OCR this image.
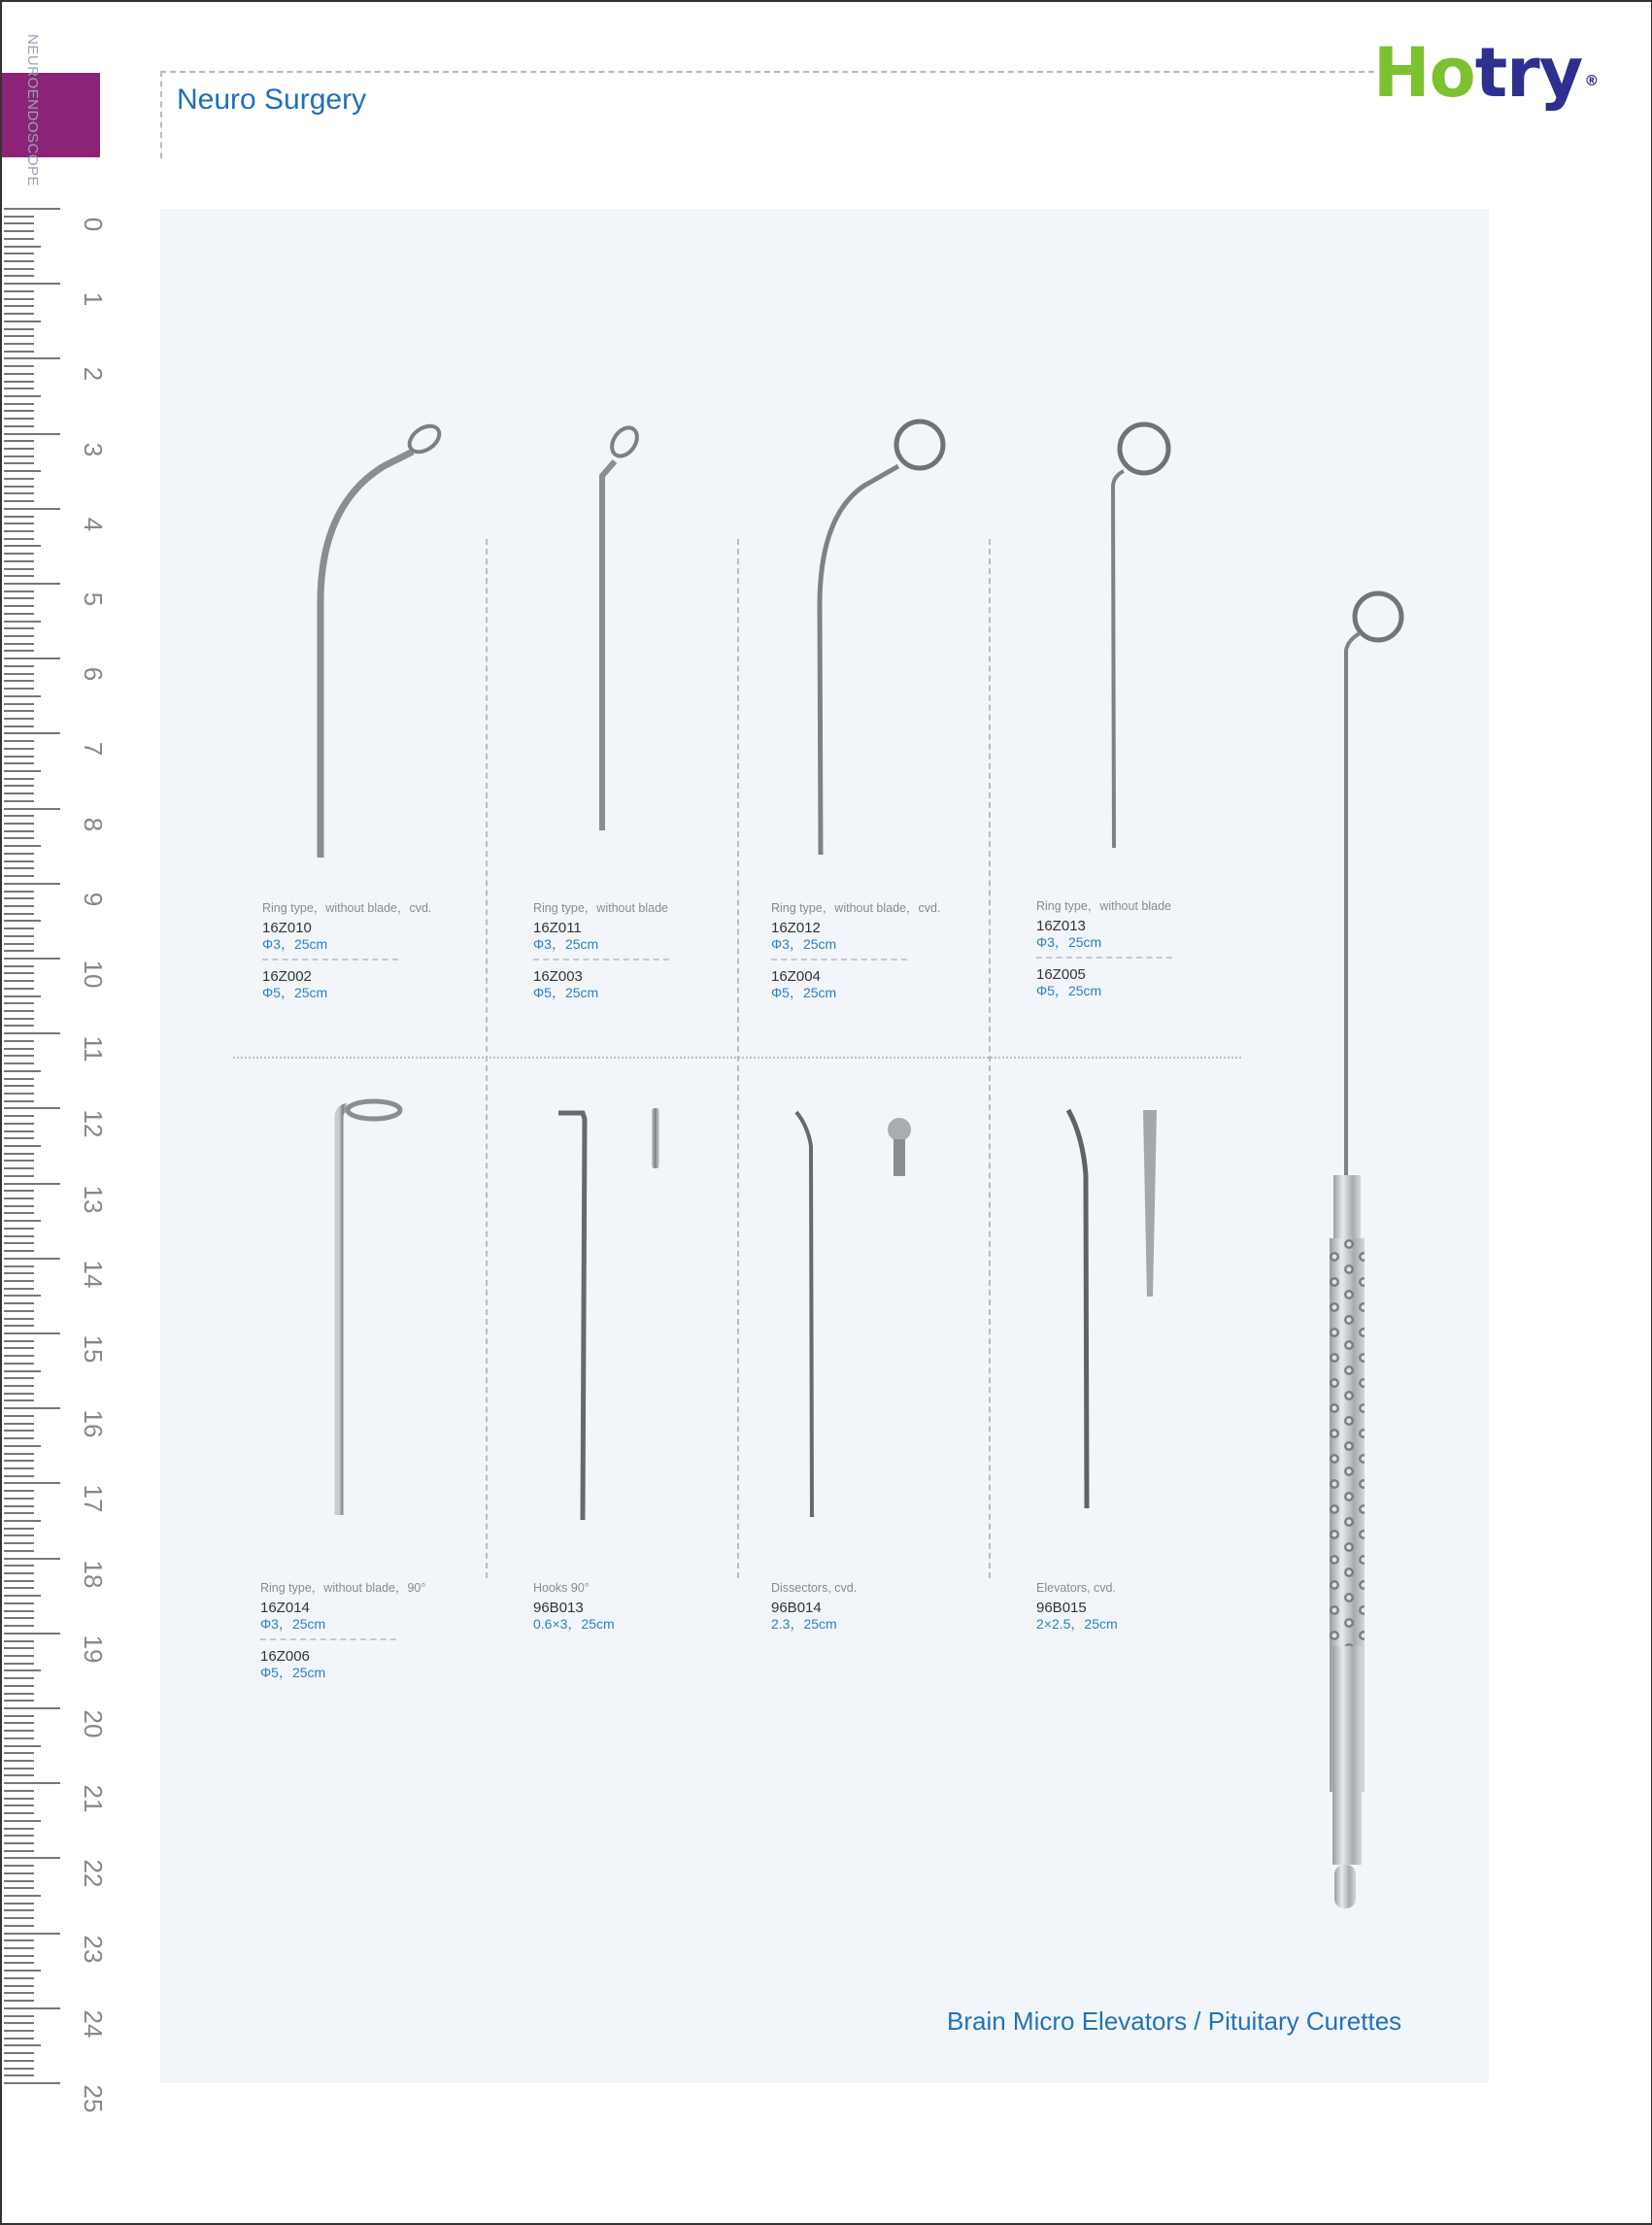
NEUROENDOSCOPE
0
1
2
3
4
5
6
7
8
9
10
11
12
13
14
15
16
17
18
19
20
21
22
23
24
25
Neuro Surgery	Hotry ®
Ring type，without blade，cvd.
16Z010
Φ3，25cm
16Z002
Φ5，25cm
Ring type，without blade
16Z011
Φ3，25cm
16Z003
Φ5，25cm
Ring type，without blade，cvd.
16Z012
Φ3，25cm
16Z004
Φ5，25cm
Ring type，without blade
16Z013
Φ3，25cm
16Z005
Φ5，25cm
Ring type，without blade，90°
16Z014
Φ3，25cm
16Z006
Φ5，25cm
Hooks 90°
96B013
0.6×3，25cm
Dissectors, cvd.
96B014
2.3，25cm
Elevators, cvd.
96B015
2×2.5，25cm
Brain Micro Elevators / Pituitary Curettes
